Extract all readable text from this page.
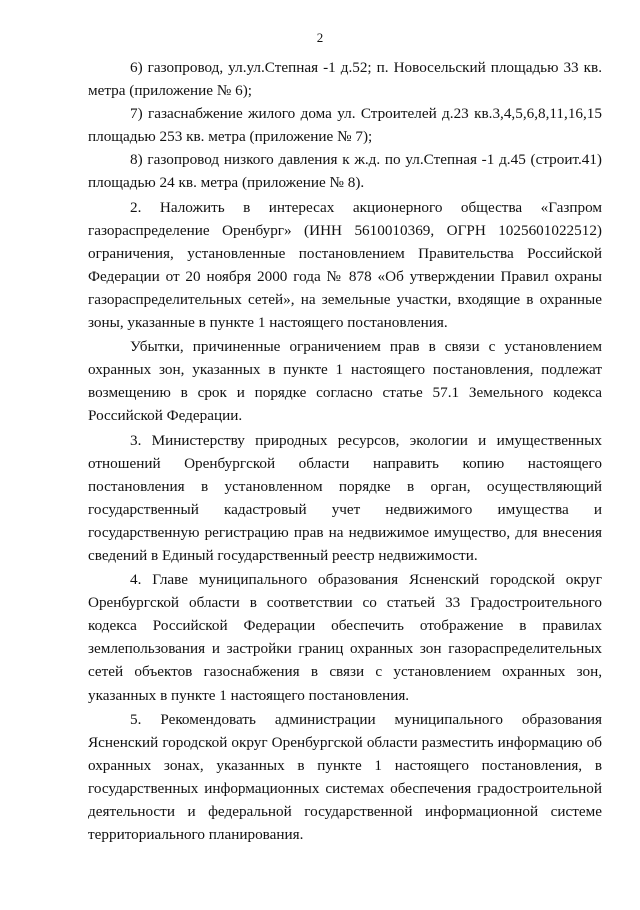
2

6) газопровод, ул.ул.Степная -1 д.52; п. Новосельский площадью 33 кв. метра (приложение № 6);

7) газаснабжение жилого дома ул. Строителей д.23 кв.3,4,5,6,8,11,16,15 площадью 253 кв. метра (приложение № 7);

8) газопровод низкого давления к ж.д. по ул.Степная -1 д.45 (строит.41) площадью 24 кв. метра (приложение № 8).

2. Наложить в интересах акционерного общества «Газпром газораспределение Оренбург» (ИНН 5610010369, ОГРН 1025601022512) ограничения, установленные постановлением Правительства Российской Федерации от 20 ноября 2000 года № 878 «Об утверждении Правил охраны газораспределительных сетей», на земельные участки, входящие в охранные зоны, указанные в пункте 1 настоящего постановления.

Убытки, причиненные ограничением прав в связи с установлением охранных зон, указанных в пункте 1 настоящего постановления, подлежат возмещению в срок и порядке согласно статье 57.1 Земельного кодекса Российской Федерации.

3. Министерству природных ресурсов, экологии и имущественных отношений Оренбургской области направить копию настоящего постановления в установленном порядке в орган, осуществляющий государственный кадастровый учет недвижимого имущества и государственную регистрацию прав на недвижимое имущество, для внесения сведений в Единый государственный реестр недвижимости.

4. Главе муниципального образования Ясненский городской округ Оренбургской области в соответствии со статьей 33 Градостроительного кодекса Российской Федерации обеспечить отображение в правилах землепользования и застройки границ охранных зон газораспределительных сетей объектов газоснабжения в связи с установлением охранных зон, указанных в пункте 1 настоящего постановления.

5. Рекомендовать администрации муниципального образования Ясненский городской округ Оренбургской области разместить информацию об охранных зонах, указанных в пункте 1 настоящего постановления, в государственных информационных системах обеспечения градостроительной деятельности и федеральной государственной информационной системе территориального планирования.
